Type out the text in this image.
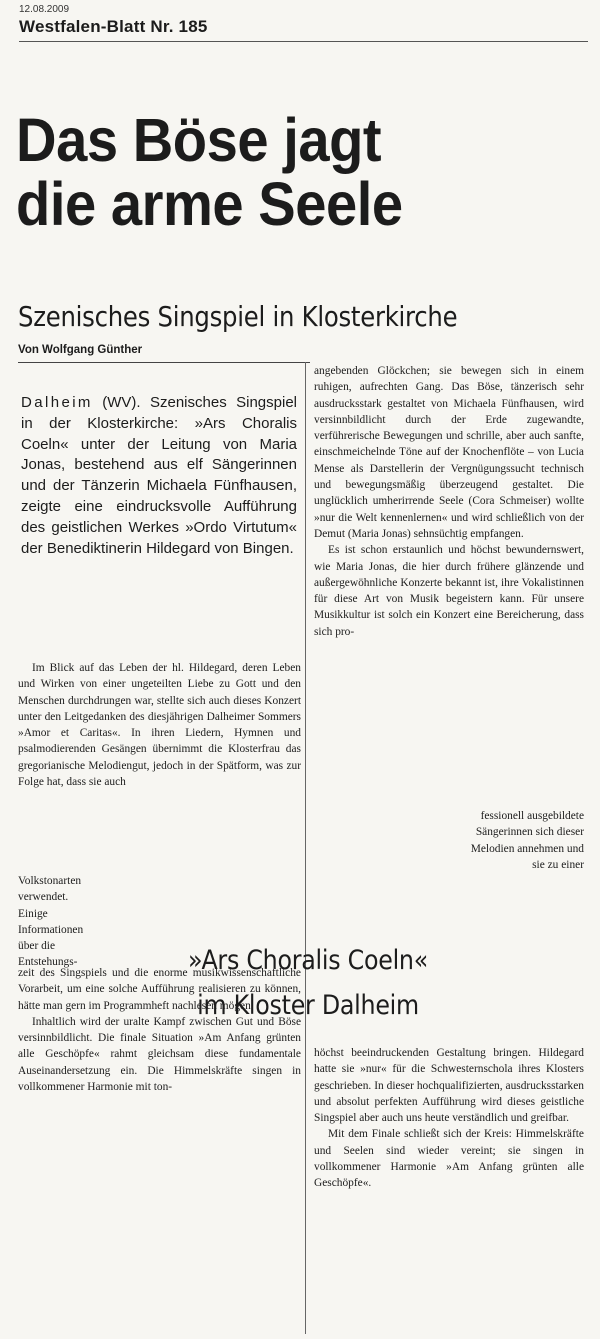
12.08.2009
Westfalen-Blatt Nr. 185
Das Böse jagt
die arme Seele
Szenisches Singspiel in Klosterkirche
Von Wolfgang Günther

Dalheim (WV). Szenisches Singspiel in der Klosterkirche: »Ars Choralis Coeln« unter der Leitung von Maria Jonas, bestehend aus elf Sängerinnen und der Tänzerin Michaela Fünfhausen, zeigte eine eindrucksvolle Aufführung des geistlichen Werkes »Ordo Virtutum« der Benediktinerin Hildegard von Bingen.

Im Blick auf das Leben der hl. Hildegard, deren Leben und Wirken von einer ungeteilten Liebe zu Gott und den Menschen durchdrungen war, stellte sich auch dieses Konzert unter den Leitgedanken des diesjährigen Dalheimer Sommers »Amor et Caritas«. In ihren Liedern, Hymnen und psalmodierenden Gesängen übernimmt die Klosterfrau das gregorianische Melodiengut, jedoch in der Spätform, was zur Folge hat, dass sie auch

Volkstonarten verwendet. Einige Informationen über die Entstehungs-	»Ars Choralis Coeln«
im Kloster Dalheim

zeit des Singspiels und die enorme musikwissenschaftliche Vorarbeit, um eine solche Aufführung realisieren zu können, hätte man gern im Programmheft nachlesen mögen.

Inhaltlich wird der uralte Kampf zwischen Gut und Böse versinnbildlicht. Die finale Situation »Am Anfang grünten alle Geschöpfe« rahmt gleichsam diese fundamentale Auseinandersetzung ein. Die Himmelskräfte singen in vollkommener Harmonie mit ton-

angebenden Glöckchen; sie bewegen sich in einem ruhigen, aufrechten Gang. Das Böse, tänzerisch sehr ausdrucksstark gestaltet von Michaela Fünfhausen, wird versinnbildlicht durch der Erde zugewandte, verführerische Bewegungen und schrille, aber auch sanfte, einschmeichelnde Töne auf der Knochenflöte – von Lucia Mense als Darstellerin der Vergnügungssucht technisch und bewegungsmäßig überzeugend gestaltet. Die unglücklich umherirrende Seele (Cora Schmeiser) wollte »nur die Welt kennenlernen« und wird schließlich von der Demut (Maria Jonas) sehnsüchtig empfangen.

Es ist schon erstaunlich und höchst bewundernswert, wie Maria Jonas, die hier durch frühere glänzende und außergewöhnliche Konzerte bekannt ist, ihre Vokalistinnen für diese Art von Musik begeistern kann. Für unsere Musikkultur ist solch ein Konzert eine Bereicherung, dass sich pro-

fessionell ausgebildete Sängerinnen sich dieser Melodien annehmen und sie zu einer

höchst beeindruckenden Gestaltung bringen. Hildegard hatte sie »nur« für die Schwesternschola ihres Klosters geschrieben. In dieser hochqualifizierten, ausdrucksstarken und absolut perfekten Aufführung wird dieses geistliche Singspiel aber auch uns heute verständlich und greifbar.

Mit dem Finale schließt sich der Kreis: Himmelskräfte und Seelen sind wieder vereint; sie singen in vollkommener Harmonie »Am Anfang grünten alle Geschöpfe«.
